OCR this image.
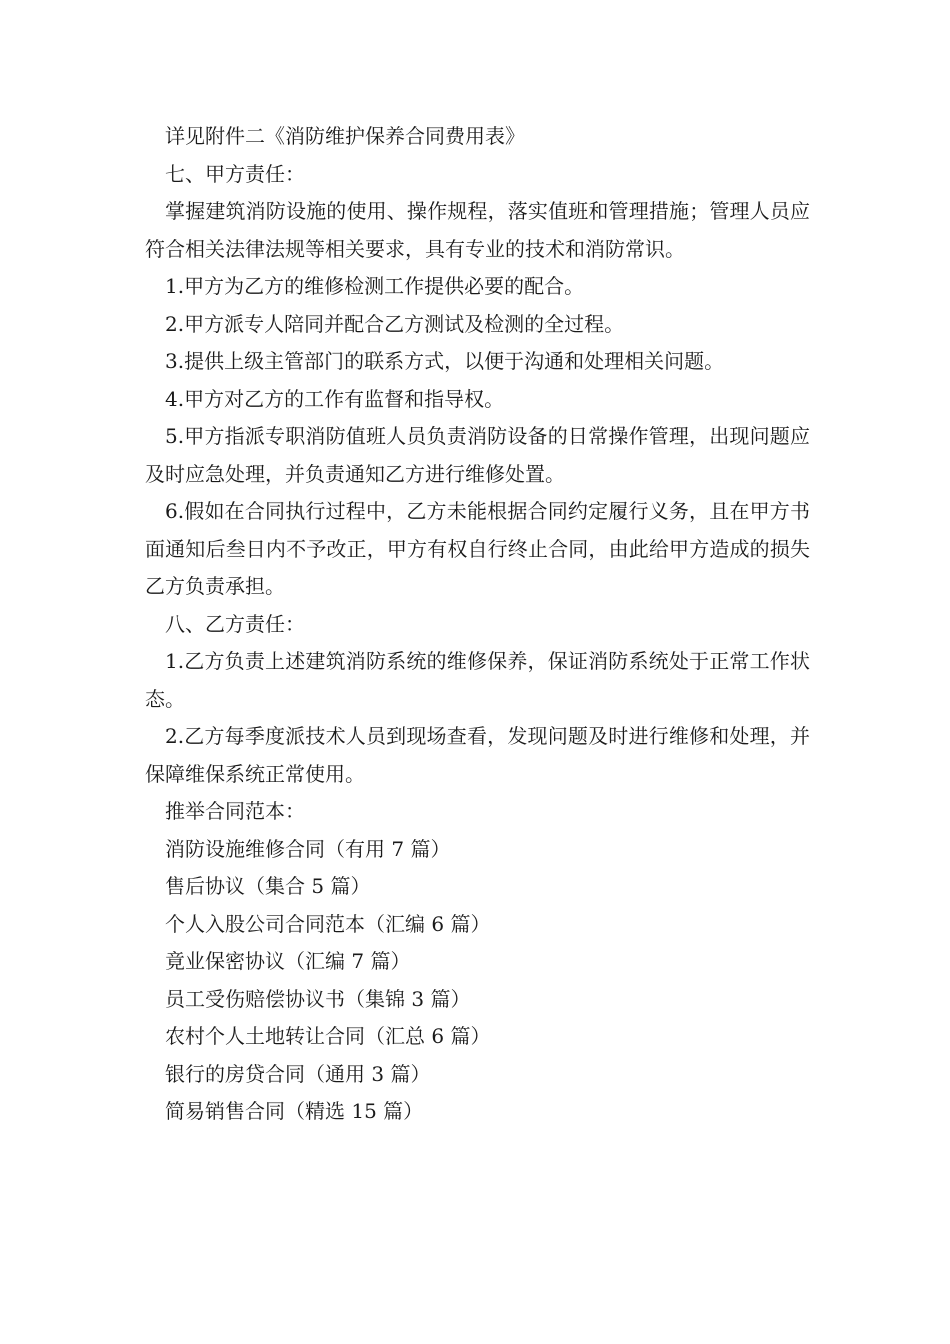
详见附件二《消防维护保养合同费用表》

七、甲方责任：

掌握建筑消防设施的使用、操作规程，落实值班和管理措施；管理人员应符合相关法律法规等相关要求，具有专业的技术和消防常识。

1.甲方为乙方的维修检测工作提供必要的配合。

2.甲方派专人陪同并配合乙方测试及检测的全过程。

3.提供上级主管部门的联系方式，以便于沟通和处理相关问题。

4.甲方对乙方的工作有监督和指导权。

5.甲方指派专职消防值班人员负责消防设备的日常操作管理，出现问题应及时应急处理，并负责通知乙方进行维修处置。

6.假如在合同执行过程中，乙方未能根据合同约定履行义务，且在甲方书面通知后叁日内不予改正，甲方有权自行终止合同，由此给甲方造成的损失乙方负责承担。

八、乙方责任：

1.乙方负责上述建筑消防系统的维修保养，保证消防系统处于正常工作状态。

2.乙方每季度派技术人员到现场查看，发现问题及时进行维修和处理，并保障维保系统正常使用。

推举合同范本：

消防设施维修合同（有用 7 篇）

售后协议（集合 5 篇）

个人入股公司合同范本（汇编 6 篇）

竟业保密协议（汇编 7 篇）

员工受伤赔偿协议书（集锦 3 篇）

农村个人土地转让合同（汇总 6 篇）

银行的房贷合同（通用 3 篇）

简易销售合同（精选 15 篇）
